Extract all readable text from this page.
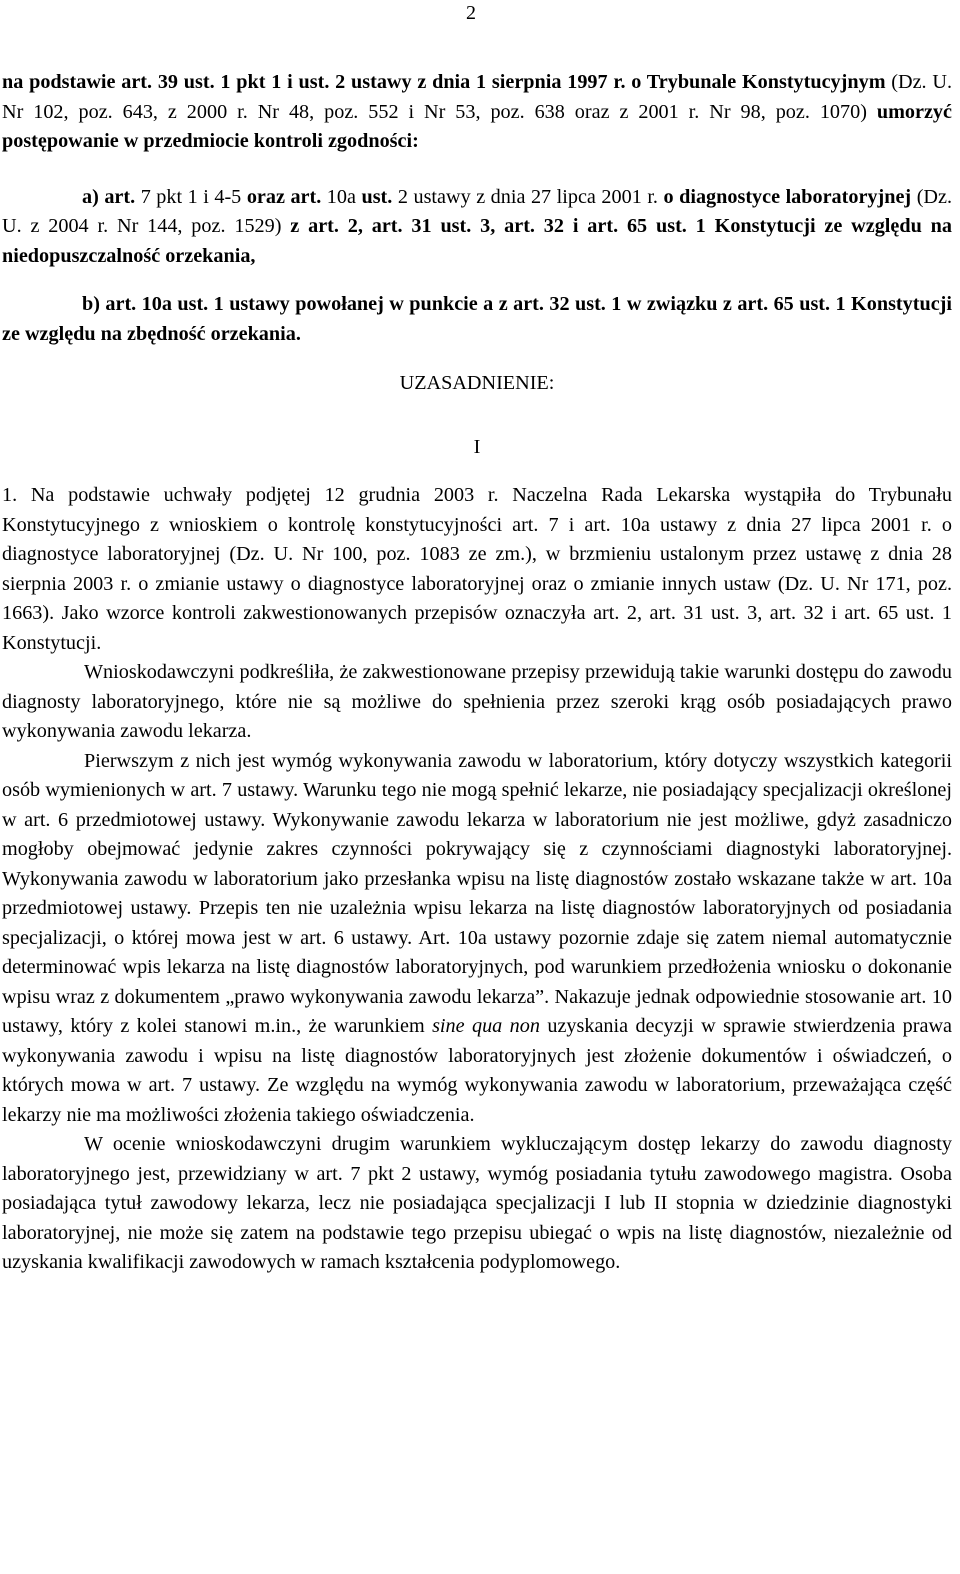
2

na podstawie art. 39 ust. 1 pkt 1 i ust. 2 ustawy z dnia 1 sierpnia 1997 r. o Trybunale Konstytucyjnym (Dz. U. Nr 102, poz. 643, z 2000 r. Nr 48, poz. 552 i Nr 53, poz. 638 oraz z 2001 r. Nr 98, poz. 1070) umorzyć postępowanie w przedmiocie kontroli zgodności:

a) art. 7 pkt 1 i 4-5 oraz art. 10a ust. 2 ustawy z dnia 27 lipca 2001 r. o diagnostyce laboratoryjnej (Dz. U. z 2004 r. Nr 144, poz. 1529) z art. 2, art. 31 ust. 3, art. 32 i art. 65 ust. 1 Konstytucji ze względu na niedopuszczalność orzekania,

b) art. 10a ust. 1 ustawy powołanej w punkcie a z art. 32 ust. 1 w związku z art. 65 ust. 1 Konstytucji ze względu na zbędność orzekania.

UZASADNIENIE:

I

1. Na podstawie uchwały podjętej 12 grudnia 2003 r. Naczelna Rada Lekarska wystąpiła do Trybunału Konstytucyjnego z wnioskiem o kontrolę konstytucyjności art. 7 i art. 10a ustawy z dnia 27 lipca 2001 r. o diagnostyce laboratoryjnej (Dz. U. Nr 100, poz. 1083 ze zm.), w brzmieniu ustalonym przez ustawę z dnia 28 sierpnia 2003 r. o zmianie ustawy o diagnostyce laboratoryjnej oraz o zmianie innych ustaw (Dz. U. Nr 171, poz. 1663). Jako wzorce kontroli zakwestionowanych przepisów oznaczyła art. 2, art. 31 ust. 3, art. 32 i art. 65 ust. 1 Konstytucji.

Wnioskodawczyni podkreśliła, że zakwestionowane przepisy przewidują takie warunki dostępu do zawodu diagnosty laboratoryjnego, które nie są możliwe do spełnienia przez szeroki krąg osób posiadających prawo wykonywania zawodu lekarza.

Pierwszym z nich jest wymóg wykonywania zawodu w laboratorium, który dotyczy wszystkich kategorii osób wymienionych w art. 7 ustawy. Warunku tego nie mogą spełnić lekarze, nie posiadający specjalizacji określonej w art. 6 przedmiotowej ustawy. Wykonywanie zawodu lekarza w laboratorium nie jest możliwe, gdyż zasadniczo mogłoby obejmować jedynie zakres czynności pokrywający się z czynnościami diagnostyki laboratoryjnej. Wykonywania zawodu w laboratorium jako przesłanka wpisu na listę diagnostów zostało wskazane także w art. 10a przedmiotowej ustawy. Przepis ten nie uzależnia wpisu lekarza na listę diagnostów laboratoryjnych od posiadania specjalizacji, o której mowa jest w art. 6 ustawy. Art. 10a ustawy pozornie zdaje się zatem niemal automatycznie determinować wpis lekarza na listę diagnostów laboratoryjnych, pod warunkiem przedłożenia wniosku o dokonanie wpisu wraz z dokumentem „prawo wykonywania zawodu lekarza”. Nakazuje jednak odpowiednie stosowanie art. 10 ustawy, który z kolei stanowi m.in., że warunkiem sine qua non uzyskania decyzji w sprawie stwierdzenia prawa wykonywania zawodu i wpisu na listę diagnostów laboratoryjnych jest złożenie dokumentów i oświadczeń, o których mowa w art. 7 ustawy. Ze względu na wymóg wykonywania zawodu w laboratorium, przeważająca część lekarzy nie ma możliwości złożenia takiego oświadczenia.

W ocenie wnioskodawczyni drugim warunkiem wykluczającym dostęp lekarzy do zawodu diagnosty laboratoryjnego jest, przewidziany w art. 7 pkt 2 ustawy, wymóg posiadania tytułu zawodowego magistra. Osoba posiadająca tytuł zawodowy lekarza, lecz nie posiadająca specjalizacji I lub II stopnia w dziedzinie diagnostyki laboratoryjnej, nie może się zatem na podstawie tego przepisu ubiegać o wpis na listę diagnostów, niezależnie od uzyskania kwalifikacji zawodowych w ramach kształcenia podyplomowego.
